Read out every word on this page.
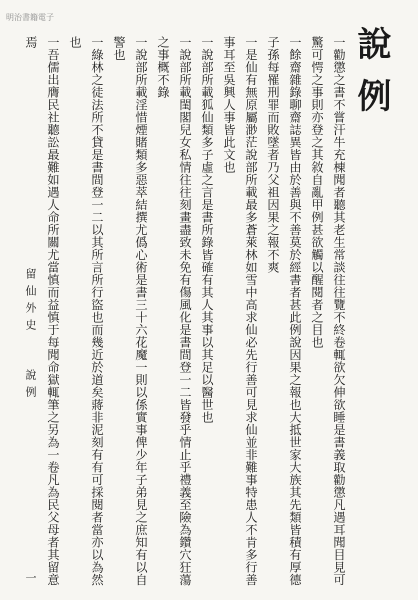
明治書籍電子
說例

一勸懲之書不嘗汗牛充棟聞者聽其老生常談往往覽不終卷輒欲欠伸欲睡是書義取勸懲凡遇耳聞目見可驚可愕之事則亦登之其敘自亂甲例甚欲觸以醒閱者之目也

一餘齋雜錄聊齋誌異皆由於善與不善莫於經書者甚此例說因果之報也大抵世家大族其先類皆積有厚德子孫每罹刑罪而敗墜者乃父祖因果之報不爽

一是仙有無原屬渺茫說部所載最多蒼萊林如雪中高求仙必先行善可見求仙並非難事特患人不肯多行善事耳至吳興人事皆此文也

一說部所載狐仙類多子虛之言是書所錄皆確有其人其事以其足以醫世也

一說部所載閨閣兒女私情往往刻畫盡致未免有傷風化是書間登一二皆發乎情止乎禮義至險為鑽穴狂蕩之事概不錄

一說部所載淫惜煙賭類多惡萃結撰尤僞心術是書三十六花魔一則以係實事俾少年子弟見之庶知有以自警也

一綠林之徒法所不貸是書間登一二以其所言所行盜也而幾近於道矣蔣非泥刻有有可採閱者當亦以為然也

一吾儒出膺民社聽訟最難如遇人命所關尤當慎而益慎于每聞命獄輒筆之另為一卷凡為民父母者其留意焉

留仙外史  說例  一
